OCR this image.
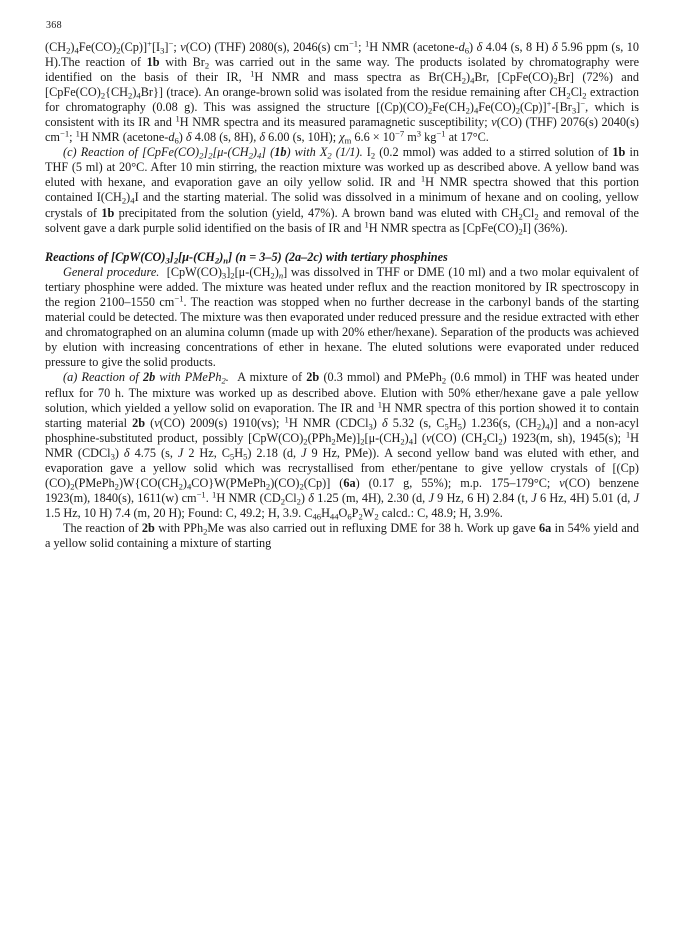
368

$(CH_2)_4Fe(CO)_2(Cp)]^+[I_3]^-$; ν(CO) (THF) 2080(s), 2046(s) $cm^{-1}$; $^1$H NMR $(acetone-d_6)$ δ 4.04 (s, 8 H) δ 5.96 ppm (s, 10 H).The reaction of 1b with $Br_2$ was carried out in the same way. The products isolated by chromatography were identified on the basis of their IR, $^1$H NMR and mass spectra as $Br(CH_2)_4Br$, $[CpFe(CO)_2Br]$ (72%) and $[CpFe(CO)_2\{CH_2)_4Br\}$] (trace). An orange-brown solid was isolated from the residue remaining after $CH_2Cl_2$ extraction for chromatography (0.08 g). This was assigned the structure $[(Cp)(CO)_2Fe(CH_2)_4Fe(CO)_2(Cp)]^+-[Br_3]^-$, which is consistent with its IR and $^1$H NMR spectra and its measured paramagnetic susceptibility; ν(CO) (THF) 2076(s) 2040(s) $cm^{-1}$; $^1$H NMR $(acetone-d_6)$ δ 4.08 (s, 8H), δ 6.00 (s, 10H); $\chi_m$ $6.6 \times 10^{-7}$ $m^3$ $kg^{-1}$ at 17°C.

(c) Reaction of $[CpFe(CO)_2]_2[\mu-(CH_2)_4]$ (1b) with $X_2$ (1/1). $I_2$ (0.2 mmol) was added to a stirred solution of 1b in THF (5 ml) at 20°C. After 10 min stirring, the reaction mixture was worked up as described above. A yellow band was eluted with hexane, and evaporation gave an oily yellow solid. IR and $^1$H NMR spectra showed that this portion contained $I(CH_2)_4I$ and the starting material. The solid was dissolved in a minimum of hexane and on cooling, yellow crystals of 1b precipitated from the solution (yield, 47%). A brown band was eluted with $CH_2Cl_2$ and removal of the solvent gave a dark purple solid identified on the basis of IR and $^1$H NMR spectra as $[CpFe(CO)_2I]$ (36%).

Reactions of $[CpW(CO)_3]_2[\mu-(CH_2)_n] (n = 3-5)$ (2a–2c) with tertiary phosphines

General procedure.  $[CpW(CO)_3]_2[\mu-(CH_2)_n]$ was dissolved in THF or DME (10 ml) and a two molar equivalent of tertiary phosphine were added. The mixture was heated under reflux and the reaction monitored by IR spectroscopy in the region 2100–1550 $cm^{-1}$. The reaction was stopped when no further decrease in the carbonyl bands of the starting material could be detected. The mixture was then evaporated under reduced pressure and the residue extracted with ether and chromatographed on an alumina column (made up with 20% ether/hexane). Separation of the products was achieved by elution with increasing concentrations of ether in hexane. The eluted solutions were evaporated under reduced pressure to give the solid products.

(a) Reaction of 2b with PMePh$_2$.  A mixture of 2b (0.3 mmol) and PMePh$_2$ (0.6 mmol) in THF was heated under reflux for 70 h. The mixture was worked up as described above. Elution with 50% ether/hexane gave a pale yellow solution, which yielded a yellow solid on evaporation. The IR and $^1$H NMR spectra of this portion showed it to contain starting material 2b (ν(CO) 2009(s) 1910(vs); $^1$H NMR (CDCl$_3$) δ 5.32 (s, $C_5H_5$) 1.236(s, $(CH_2)_4$)] and a non-acyl phosphine-substituted product, possibly $[CpW(CO)_2(PPh_2Me)]_2[\mu-(CH_2)_4]$ (ν(CO) $(CH_2Cl_2)$ 1923(m, sh), 1945(s); $^1$H NMR (CDCl$_3$) δ 4.75 (s, J 2 Hz, $C_5H_5$) 2.18 (d, J 9 Hz, PMe)). A second yellow band was eluted with ether, and evaporation gave a yellow solid which was recrystallised from ether/pentane to give yellow crystals of $[(Cp)(CO)_2(PMePh_2)W\{CO(CH_2)_4CO\}W(PMePh_2)(CO)_2(Cp)]$ (6a) (0.17 g, 55%); m.p. 175–179°C; ν(CO) benzene 1923(m), 1840(s), 1611(w) $cm^{-1}$. $^1$H NMR $(CD_2Cl_2)$ δ 1.25 (m, 4H), 2.30 (d, J 9 Hz, 6 H) 2.84 (t, J 6 Hz, 4H) 5.01 (d, J 1.5 Hz, 10 H) 7.4 (m, 20 H); Found: C, 49.2; H, 3.9. $C_{46}H_{44}O_6P_2W_2$ calcd.: C, 48.9; H, 3.9%.

The reaction of 2b with PPh$_2$Me was also carried out in refluxing DME for 38 h. Work up gave 6a in 54% yield and a yellow solid containing a mixture of starting
